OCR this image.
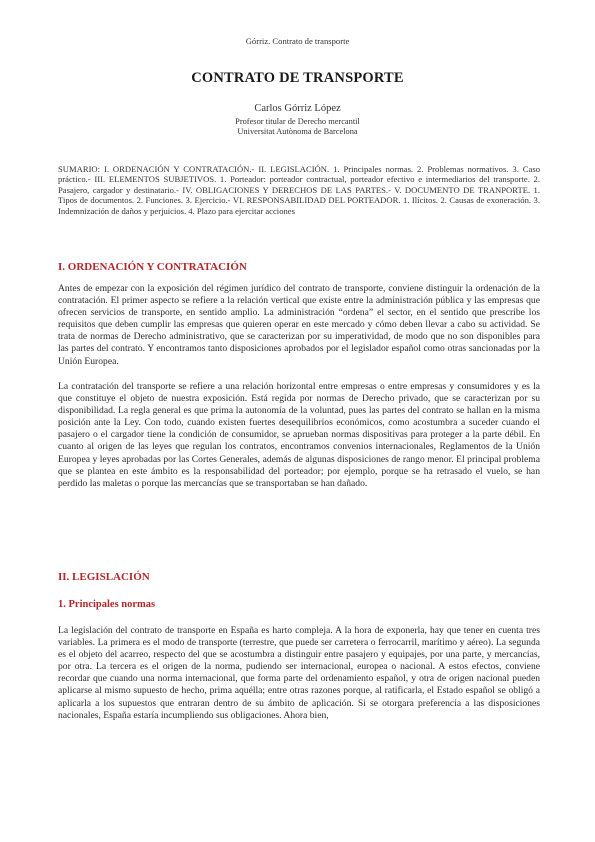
Górriz. Contrato de transporte
CONTRATO DE TRANSPORTE
Carlos Górriz López
Profesor titular de Derecho mercantil
Universitat Autònoma de Barcelona
SUMARIO: I. ORDENACIÓN Y CONTRATACIÓN.- II. LEGISLACIÓN. 1. Principales normas. 2. Problemas normativos. 3. Caso práctico.- III. ELEMENTOS SUBJETIVOS. 1. Porteador: porteador contractual, porteador efectivo e intermediarios del transporte. 2. Pasajero, cargador y destinatario.- IV. OBLIGACIONES Y DERECHOS DE LAS PARTES.- V. DOCUMENTO DE TRANPORTE. 1. Tipos de documentos. 2. Funciones. 3. Ejercicio.- VI. RESPONSABILIDAD DEL PORTEADOR. 1. Ilícitos. 2. Causas de exoneración. 3. Indemnización de daños y perjuicios. 4. Plazo para ejercitar acciones
I. ORDENACIÓN Y CONTRATACIÓN
Antes de empezar con la exposición del régimen jurídico del contrato de transporte, conviene distinguir la ordenación de la contratación. El primer aspecto se refiere a la relación vertical que existe entre la administración pública y las empresas que ofrecen servicios de transporte, en sentido amplio. La administración “ordena” el sector, en el sentido que prescribe los requisitos que deben cumplir las empresas que quieren operar en este mercado y cómo deben llevar a cabo su actividad. Se trata de normas de Derecho administrativo, que se caracterizan por su imperatividad, de modo que no son disponibles para las partes del contrato. Y encontramos tanto disposiciones aprobados por el legislador español como otras sancionadas por la Unión Europea.
La contratación del transporte se refiere a una relación horizontal entre empresas o entre empresas y consumidores y es la que constituye el objeto de nuestra exposición. Está regida por normas de Derecho privado, que se caracterizan por su disponibilidad. La regla general es que prima la autonomía de la voluntad, pues las partes del contrato se hallan en la misma posición ante la Ley. Con todo, cuando existen fuertes desequilibrios económicos, como acostumbra a suceder cuando el pasajero o el cargador tiene la condición de consumidor, se aprueban normas dispositivas para proteger a la parte débil. En cuanto al origen de las leyes que regulan los contratos, encontramos convenios internacionales, Reglamentos de la Unión Europea y leyes aprobadas por las Cortes Generales, además de algunas disposiciones de rango menor. El principal problema que se plantea en este ámbito es la responsabilidad del porteador; por ejemplo, porque se ha retrasado el vuelo, se han perdido las maletas o porque las mercancías que se transportaban se han dañado.
II. LEGISLACIÓN
1. Principales normas
La legislación del contrato de transporte en España es harto compleja. A la hora de exponerla, hay que tener en cuenta tres variables. La primera es el modo de transporte (terrestre, que puede ser carretera o ferrocarril, marítimo y aéreo). La segunda es el objeto del acarreo, respecto del que se acostumbra a distinguir entre pasajero y equipajes, por una parte, y mercancías, por otra. La tercera es el origen de la norma, pudiendo ser internacional, europea o nacional. A estos efectos, conviene recordar que cuando una norma internacional, que forma parte del ordenamiento español, y otra de origen nacional pueden aplicarse al mismo supuesto de hecho, prima aquélla; entre otras razones porque, al ratificarla, el Estado español se obligó a aplicarla a los supuestos que entraran dentro de su ámbito de aplicación. Si se otorgara preferencia a las disposiciones nacionales, España estaría incumpliendo sus obligaciones. Ahora bien,
